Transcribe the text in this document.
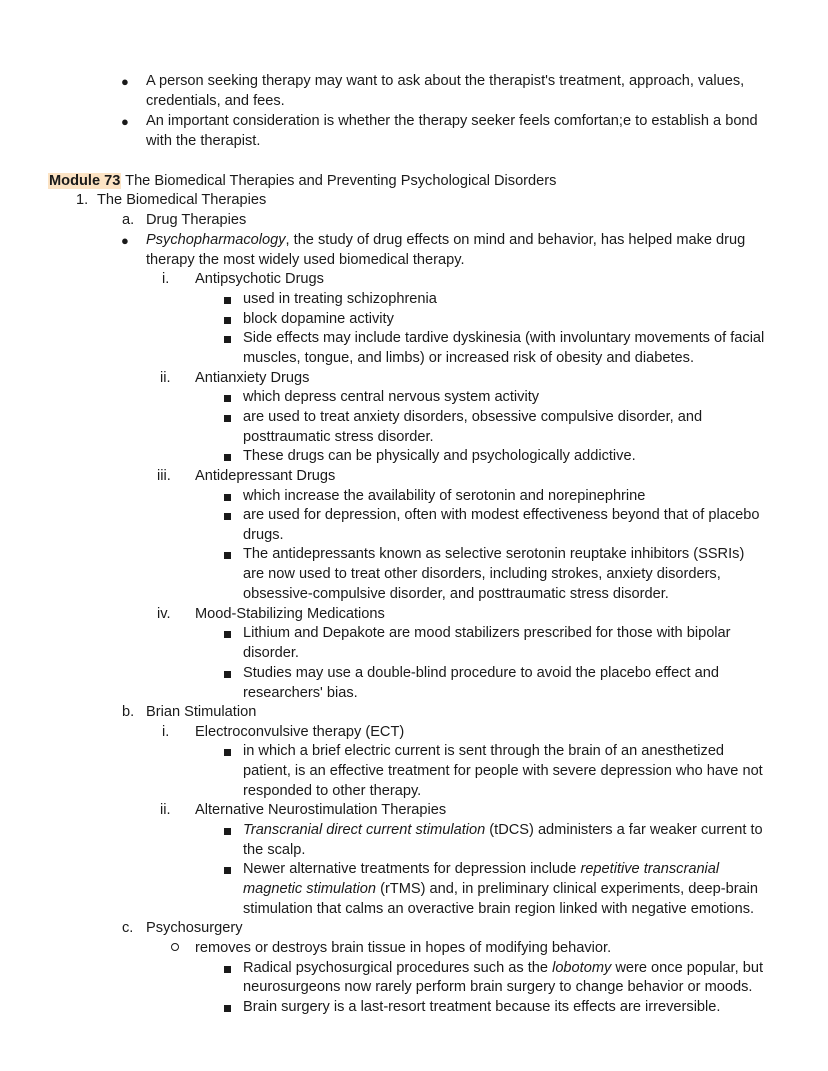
● A person seeking therapy may want to ask about the therapist's treatment, approach, values,
credentials, and fees.
● An important consideration is whether the therapy seeker feels comfortan;e to establish a bond
with the therapist.
Module 73 The Biomedical Therapies and Preventing Psychological Disorders
1. The Biomedical Therapies
a. Drug Therapies
● Psychopharmacology, the study of drug effects on mind and behavior, has helped make drug
therapy the most widely used biomedical therapy.
i. Antipsychotic Drugs
used in treating schizophrenia
block dopamine activity
Side effects may include tardive dyskinesia (with involuntary movements of facial
muscles, tongue, and limbs) or increased risk of obesity and diabetes.
ii. Antianxiety Drugs
which depress central nervous system activity
are used to treat anxiety disorders, obsessive compulsive disorder, and
posttraumatic stress disorder.
These drugs can be physically and psychologically addictive.
iii. Antidepressant Drugs
which increase the availability of serotonin and norepinephrine
are used for depression, often with modest effectiveness beyond that of placebo
drugs.
The antidepressants known as selective serotonin reuptake inhibitors (SSRIs)
are now used to treat other disorders, including strokes, anxiety disorders,
obsessive-compulsive disorder, and posttraumatic stress disorder.
iv. Mood-Stabilizing Medications
Lithium and Depakote are mood stabilizers prescribed for those with bipolar
disorder.
Studies may use a double-blind procedure to avoid the placebo effect and
researchers' bias.
b. Brian Stimulation
i. Electroconvulsive therapy (ECT)
in which a brief electric current is sent through the brain of an anesthetized
patient, is an effective treatment for people with severe depression who have not
responded to other therapy.
ii. Alternative Neurostimulation Therapies
Transcranial direct current stimulation (tDCS) administers a far weaker current to
the scalp.
Newer alternative treatments for depression include repetitive transcranial
magnetic stimulation (rTMS) and, in preliminary clinical experiments, deep-brain
stimulation that calms an overactive brain region linked with negative emotions.
c. Psychosurgery
removes or destroys brain tissue in hopes of modifying behavior.
Radical psychosurgical procedures such as the lobotomy were once popular, but
neurosurgeons now rarely perform brain surgery to change behavior or moods.
Brain surgery is a last-resort treatment because its effects are irreversible.
